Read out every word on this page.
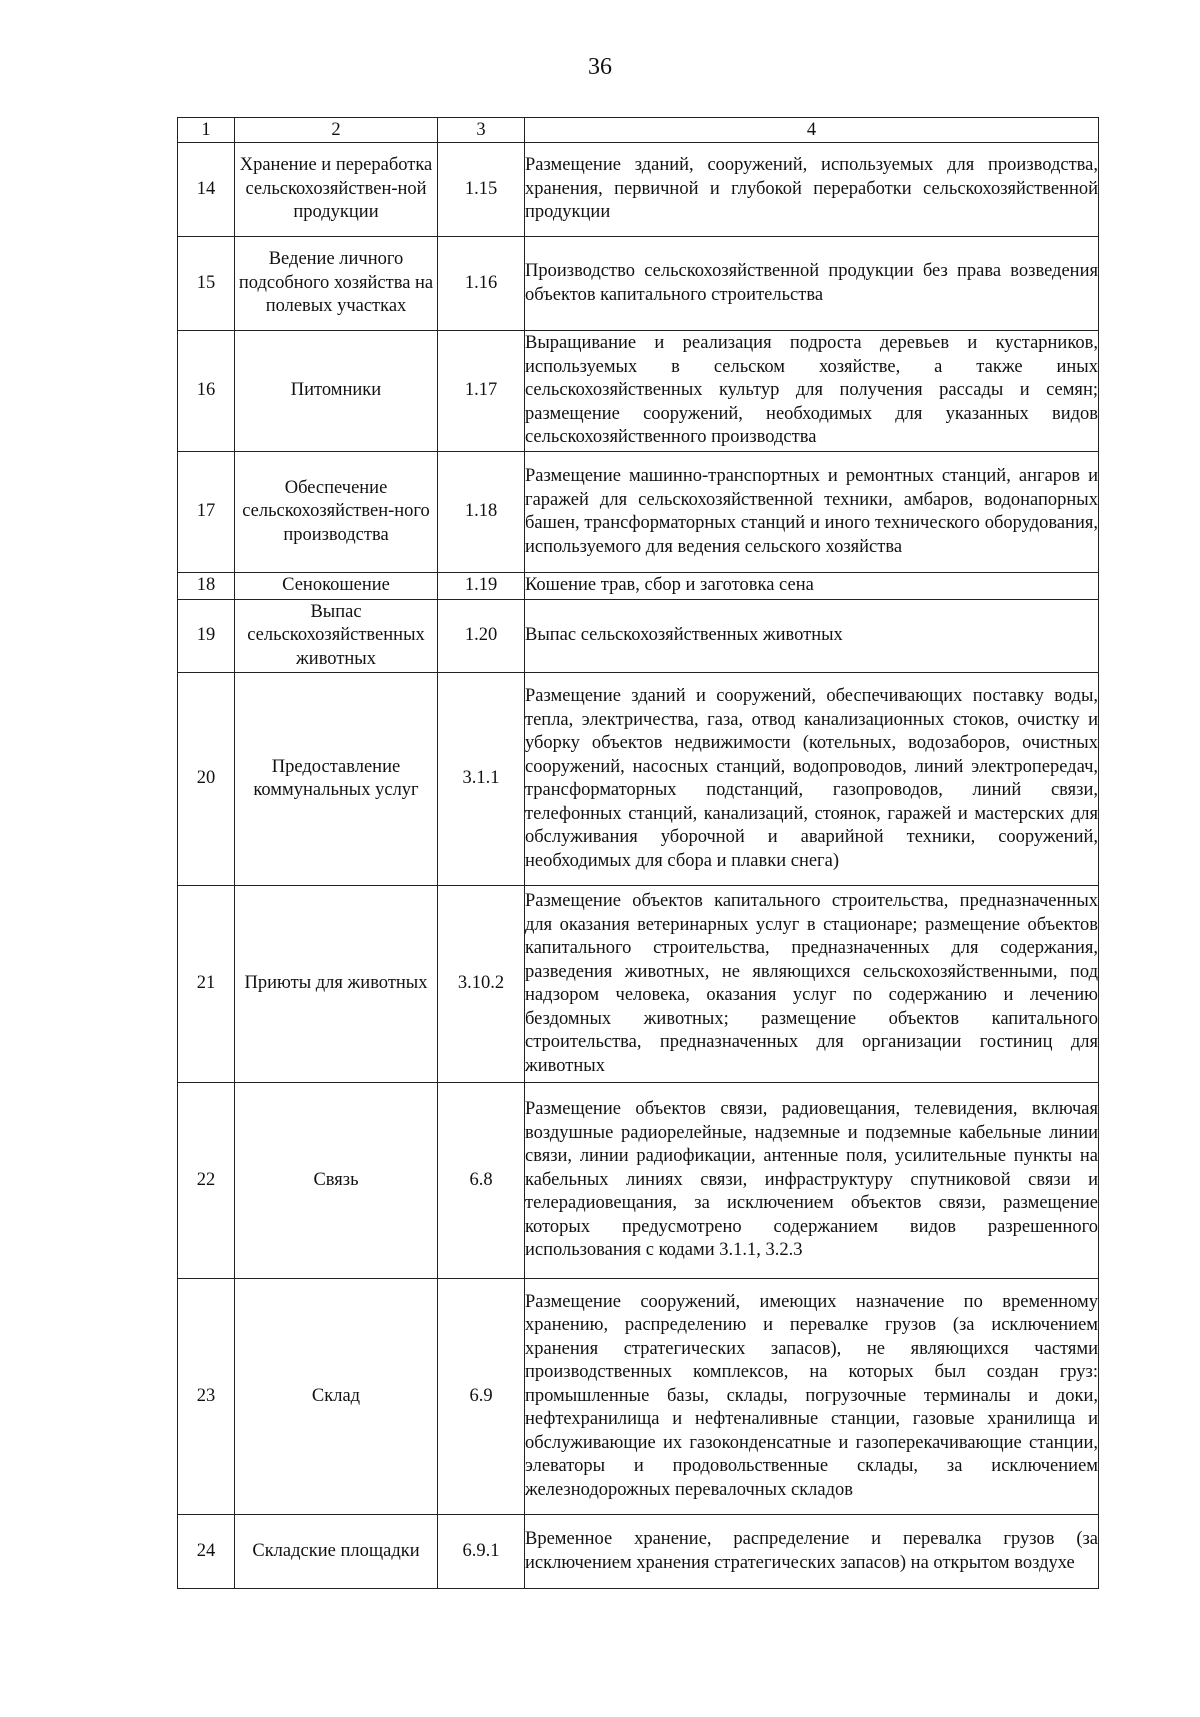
36
1	2	3	4
14	Хранение и переработка сельскохозяйствен-ной продукции	1.15	Размещение зданий, сооружений, используемых для производства, хранения, первичной и глубокой переработки сельскохозяйственной продукции
15	Ведение личного подсобного хозяйства на полевых участках	1.16	Производство сельскохозяйственной продукции без права возведения объектов капитального строительства
16	Питомники	1.17	Выращивание и реализация подроста деревьев и кустарников, используемых в сельском хозяйстве, а также иных сельскохозяйственных культур для получения рассады и семян; размещение сооружений, необходимых для указанных видов сельскохозяйственного производства
17	Обеспечение сельскохозяйствен-ного производства	1.18	Размещение машинно-транспортных и ремонтных станций, ангаров и гаражей для сельскохозяйственной техники, амбаров, водонапорных башен, трансформаторных станций и иного технического оборудования, используемого для ведения сельского хозяйства
18	Сенокошение	1.19	Кошение трав, сбор и заготовка сена
19	Выпас сельскохозяйственных животных	1.20	Выпас сельскохозяйственных животных
20	Предоставление коммунальных услуг	3.1.1	Размещение зданий и сооружений, обеспечивающих поставку воды, тепла, электричества, газа, отвод канализационных стоков, очистку и уборку объектов недвижимости (котельных, водозаборов, очистных сооружений, насосных станций, водопроводов, линий электропередач, трансформаторных подстанций, газопроводов, линий связи, телефонных станций, канализаций, стоянок, гаражей и мастерских для обслуживания уборочной и аварийной техники, сооружений, необходимых для сбора и плавки снега)
21	Приюты для животных	3.10.2	Размещение объектов капитального строительства, предназначенных для оказания ветеринарных услуг в стационаре; размещение объектов капитального строительства, предназначенных для содержания, разведения животных, не являющихся сельскохозяйственными, под надзором человека, оказания услуг по содержанию и лечению бездомных животных; размещение объектов капитального строительства, предназначенных для организации гостиниц для животных
22	Связь	6.8	Размещение объектов связи, радиовещания, телевидения, включая воздушные радиорелейные, надземные и подземные кабельные линии связи, линии радиофикации, антенные поля, усилительные пункты на кабельных линиях связи, инфраструктуру спутниковой связи и телерадиовещания, за исключением объектов связи, размещение которых предусмотрено содержанием видов разрешенного использования с кодами 3.1.1, 3.2.3
23	Склад	6.9	Размещение сооружений, имеющих назначение по временному хранению, распределению и перевалке грузов (за исключением хранения стратегических запасов), не являющихся частями производственных комплексов, на которых был создан груз: промышленные базы, склады, погрузочные терминалы и доки, нефтехранилища и нефтеналивные станции, газовые хранилища и обслуживающие их газоконденсатные и газоперекачивающие станции, элеваторы и продовольственные склады, за исключением железнодорожных перевалочных складов
24	Складские площадки	6.9.1	Временное хранение, распределение и перевалка грузов (за исключением хранения стратегических запасов) на открытом воздухе
